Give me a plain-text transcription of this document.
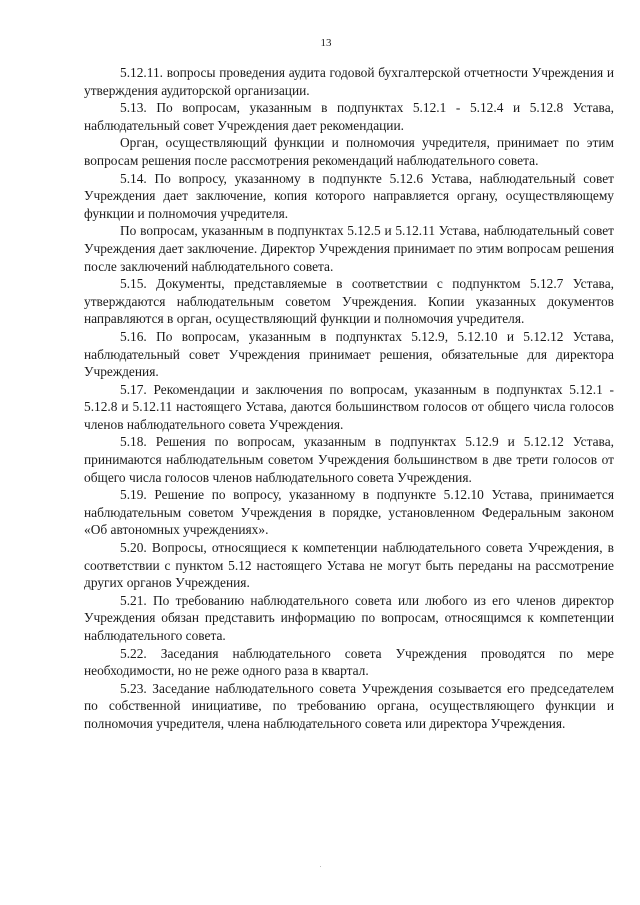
13

5.12.11. вопросы проведения аудита годовой бухгалтерской отчетности Учреждения и утверждения аудиторской организации.

5.13. По вопросам, указанным в подпунктах 5.12.1 - 5.12.4 и 5.12.8 Устава, наблюдательный совет Учреждения дает рекомендации.

Орган, осуществляющий функции и полномочия учредителя, принимает по этим вопросам решения после рассмотрения рекомендаций наблюдательного совета.

5.14. По вопросу, указанному в подпункте 5.12.6 Устава, наблюдательный совет Учреждения дает заключение, копия которого направляется органу, осуществляющему функции и полномочия учредителя.

По вопросам, указанным в подпунктах 5.12.5 и 5.12.11 Устава, наблюдательный совет Учреждения дает заключение. Директор Учреждения принимает по этим вопросам решения после заключений наблюдательного совета.

5.15. Документы, представляемые в соответствии с подпунктом 5.12.7 Устава, утверждаются наблюдательным советом Учреждения. Копии указанных документов направляются в орган, осуществляющий функции и полномочия учредителя.

5.16. По вопросам, указанным в подпунктах 5.12.9, 5.12.10 и 5.12.12 Устава, наблюдательный совет Учреждения принимает решения, обязательные для директора Учреждения.

5.17. Рекомендации и заключения по вопросам, указанным в подпунктах 5.12.1 - 5.12.8 и 5.12.11 настоящего Устава, даются большинством голосов от общего числа голосов членов наблюдательного совета Учреждения.

5.18. Решения по вопросам, указанным в подпунктах 5.12.9 и 5.12.12 Устава, принимаются наблюдательным советом Учреждения большинством в две трети голосов от общего числа голосов членов наблюдательного совета Учреждения.

5.19. Решение по вопросу, указанному в подпункте 5.12.10 Устава, принимается наблюдательным советом Учреждения в порядке, установленном Федеральным законом «Об автономных учреждениях».

5.20. Вопросы, относящиеся к компетенции наблюдательного совета Учреждения, в соответствии с пунктом 5.12 настоящего Устава не могут быть переданы на рассмотрение других органов Учреждения.

5.21. По требованию наблюдательного совета или любого из его членов директор Учреждения обязан представить информацию по вопросам, относящимся к компетенции наблюдательного совета.

5.22. Заседания наблюдательного совета Учреждения проводятся по мере необходимости, но не реже одного раза в квартал.

5.23. Заседание наблюдательного совета Учреждения созывается его председателем по собственной инициативе, по требованию органа, осуществляющего функции и полномочия учредителя, члена наблюдательного совета или директора Учреждения.
